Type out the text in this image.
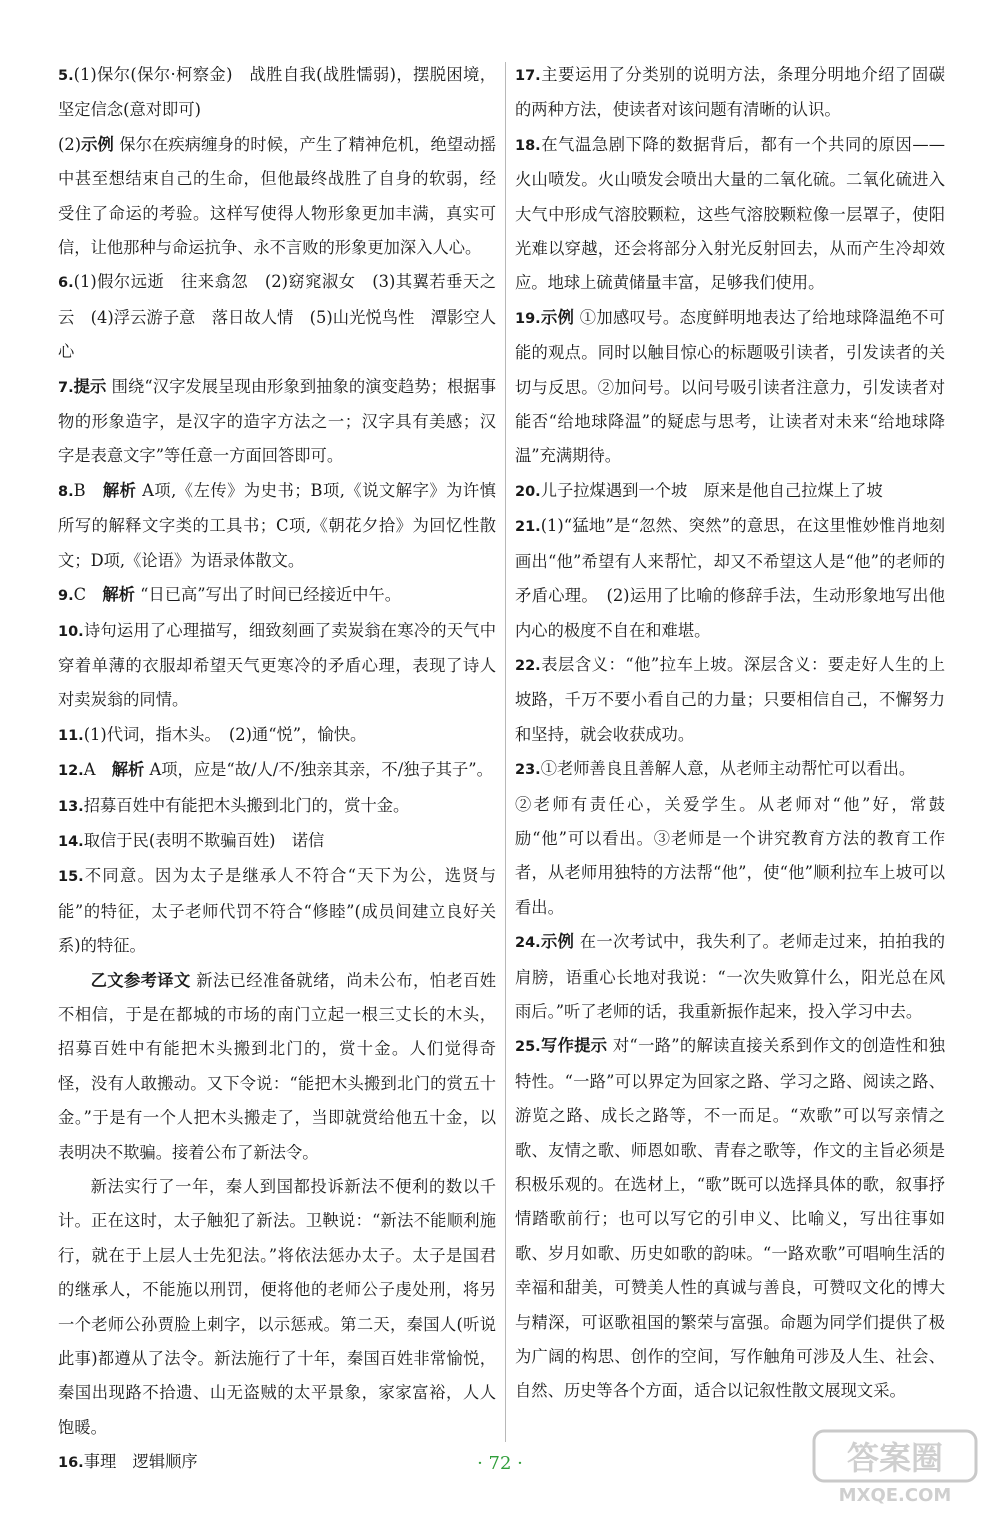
5.(1)保尔(保尔·柯察金)　战胜自我(战胜懦弱)，摆脱困境，坚定信念(意对即可)

(2)示例 保尔在疾病缠身的时候，产生了精神危机，绝望动摇中甚至想结束自己的生命，但他最终战胜了自身的软弱，经受住了命运的考验。这样写使得人物形象更加丰满，真实可信，让他那种与命运抗争、永不言败的形象更加深入人心。

6.(1)假尔远逝　往来翕忽　(2)窈窕淑女　(3)其翼若垂天之云　(4)浮云游子意　落日故人情　(5)山光悦鸟性　潭影空人心

7.提示 围绕“汉字发展呈现由形象到抽象的演变趋势；根据事物的形象造字，是汉字的造字方法之一；汉字具有美感；汉字是表意文字”等任意一方面回答即可。

8.B　 解析 A项,《左传》为史书；B项,《说文解字》为许慎所写的解释文字类的工具书；C项,《朝花夕拾》为回忆性散文；D项,《论语》为语录体散文。

9.C　 解析 “日已高”写出了时间已经接近中午。

10.诗句运用了心理描写，细致刻画了卖炭翁在寒冷的天气中穿着单薄的衣服却希望天气更寒冷的矛盾心理，表现了诗人对卖炭翁的同情。

11.(1)代词，指木头。　(2)通“悦”，愉快。

12.A　 解析 A项，应是“故/人/不/独亲其亲，不/独子其子”。

13.招募百姓中有能把木头搬到北门的，赏十金。

14.取信于民(表明不欺骗百姓)　诺信

15.不同意。因为太子是继承人不符合“天下为公，选贤与能”的特征，太子老师代罚不符合“修睦”(成员间建立良好关系)的特征。

乙文参考译文 新法已经准备就绪，尚未公布，怕老百姓不相信，于是在都城的市场的南门立起一根三丈长的木头，招募百姓中有能把木头搬到北门的，赏十金。人们觉得奇怪，没有人敢搬动。又下令说：“能把木头搬到北门的赏五十金。”于是有一个人把木头搬走了，当即就赏给他五十金，以表明决不欺骗。接着公布了新法令。

新法实行了一年，秦人到国都投诉新法不便利的数以千计。正在这时，太子触犯了新法。卫鞅说：“新法不能顺利施行，就在于上层人士先犯法。”将依法惩办太子。太子是国君的继承人，不能施以刑罚，便将他的老师公子虔处刑，将另一个老师公孙贾脸上刺字，以示惩戒。第二天，秦国人(听说此事)都遵从了法令。新法施行了十年，秦国百姓非常愉悦，秦国出现路不拾遗、山无盗贼的太平景象，家家富裕，人人饱暖。

16.事理　逻辑顺序

17.主要运用了分类别的说明方法，条理分明地介绍了固碳的两种方法，使读者对该问题有清晰的认识。

18.在气温急剧下降的数据背后，都有一个共同的原因——火山喷发。火山喷发会喷出大量的二氧化硫。二氧化硫进入大气中形成气溶胶颗粒，这些气溶胶颗粒像一层罩子，使阳光难以穿越，还会将部分入射光反射回去，从而产生冷却效应。地球上硫黄储量丰富，足够我们使用。

19.示例 ①加感叹号。态度鲜明地表达了给地球降温绝不可能的观点。同时以触目惊心的标题吸引读者，引发读者的关切与反思。②加问号。以问号吸引读者注意力，引发读者对能否“给地球降温”的疑虑与思考，让读者对未来“给地球降温”充满期待。

20.儿子拉煤遇到一个坡　原来是他自己拉煤上了坡

21.(1)“猛地”是“忽然、突然”的意思，在这里惟妙惟肖地刻画出“他”希望有人来帮忙，却又不希望这人是“他”的老师的矛盾心理。　(2)运用了比喻的修辞手法，生动形象地写出他内心的极度不自在和难堪。

22.表层含义：“他”拉车上坡。深层含义：要走好人生的上坡路，千万不要小看自己的力量；只要相信自己，不懈努力和坚持，就会收获成功。

23.①老师善良且善解人意，从老师主动帮忙可以看出。

②老师有责任心，关爱学生。从老师对“他”好，常鼓励“他”可以看出。③老师是一个讲究教育方法的教育工作者，从老师用独特的方法帮“他”，使“他”顺利拉车上坡可以看出。

24.示例 在一次考试中，我失利了。老师走过来，拍拍我的肩膀，语重心长地对我说：“一次失败算什么，阳光总在风雨后。”听了老师的话，我重新振作起来，投入学习中去。

25.写作提示 对“一路”的解读直接关系到作文的创造性和独特性。“一路”可以界定为回家之路、学习之路、阅读之路、游览之路、成长之路等，不一而足。“欢歌”可以写亲情之歌、友情之歌、师恩如歌、青春之歌等，作文的主旨必须是积极乐观的。在选材上，“歌”既可以选择具体的歌，叙事抒情踏歌前行；也可以写它的引申义、比喻义，写出往事如歌、岁月如歌、历史如歌的韵味。“一路欢歌”可唱响生活的幸福和甜美，可赞美人性的真诚与善良，可赞叹文化的博大与精深，可讴歌祖国的繁荣与富强。命题为同学们提供了极为广阔的构思、创作的空间，写作触角可涉及人生、社会、自然、历史等各个方面，适合以记叙性散文展现文采。

· 72 ·	答案圈
MXQE.COM
